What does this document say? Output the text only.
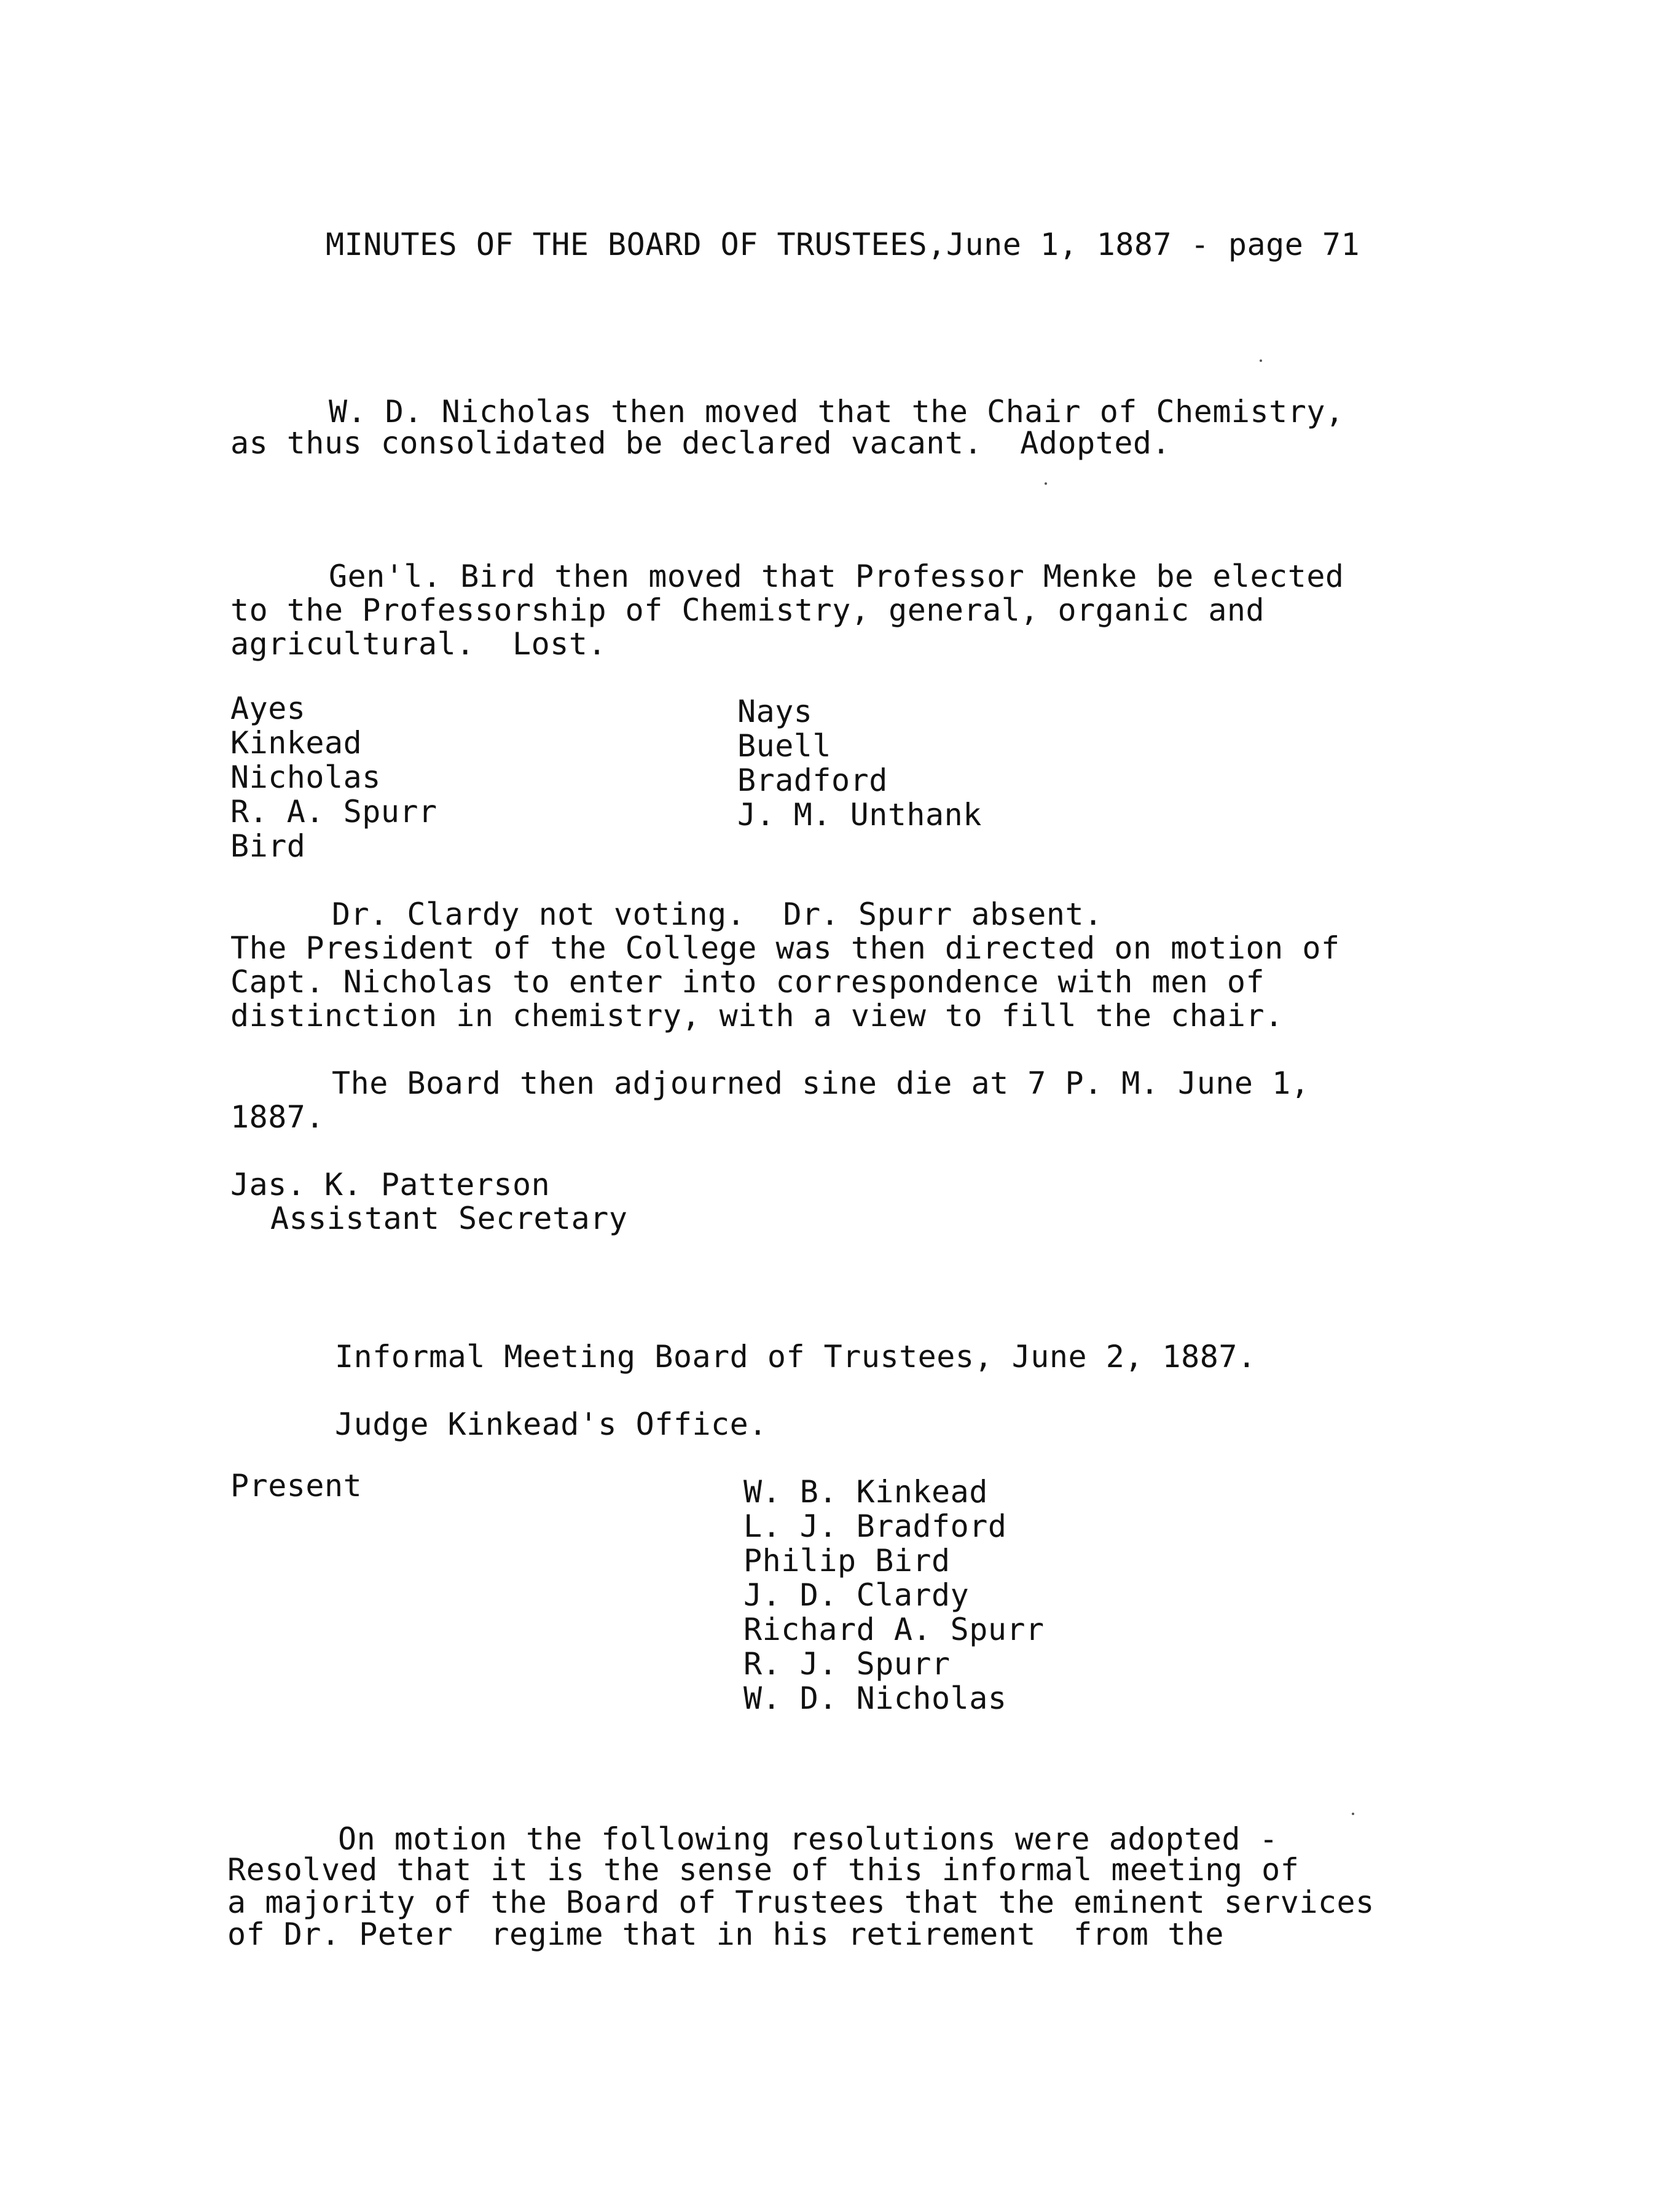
MINUTES OF THE BOARD OF TRUSTEES,June 1, 1887 - page 71
W. D. Nicholas then moved that the Chair of Chemistry,
as thus consolidated be declared vacant.  Adopted.
Gen'l. Bird then moved that Professor Menke be elected
to the Professorship of Chemistry, general, organic and
agricultural.  Lost.
Ayes
Kinkead
Nicholas
R. A. Spurr
Bird
Nays
Buell
Bradford
J. M. Unthank
Dr. Clardy not voting.  Dr. Spurr absent.
The President of the College was then directed on motion of
Capt. Nicholas to enter into correspondence with men of
distinction in chemistry, with a view to fill the chair.
The Board then adjourned sine die at 7 P. M. June 1,
1887.
Jas. K. Patterson
Assistant Secretary
Informal Meeting Board of Trustees, June 2, 1887.
Judge Kinkead's Office.
Present	W. B. Kinkead
L. J. Bradford
Philip Bird
J. D. Clardy
Richard A. Spurr
R. J. Spurr
W. D. Nicholas
On motion the following resolutions were adopted -
Resolved that it is the sense of this informal meeting of
a majority of the Board of Trustees that the eminent services
of Dr. Peter  regime that in his retirement  from the
